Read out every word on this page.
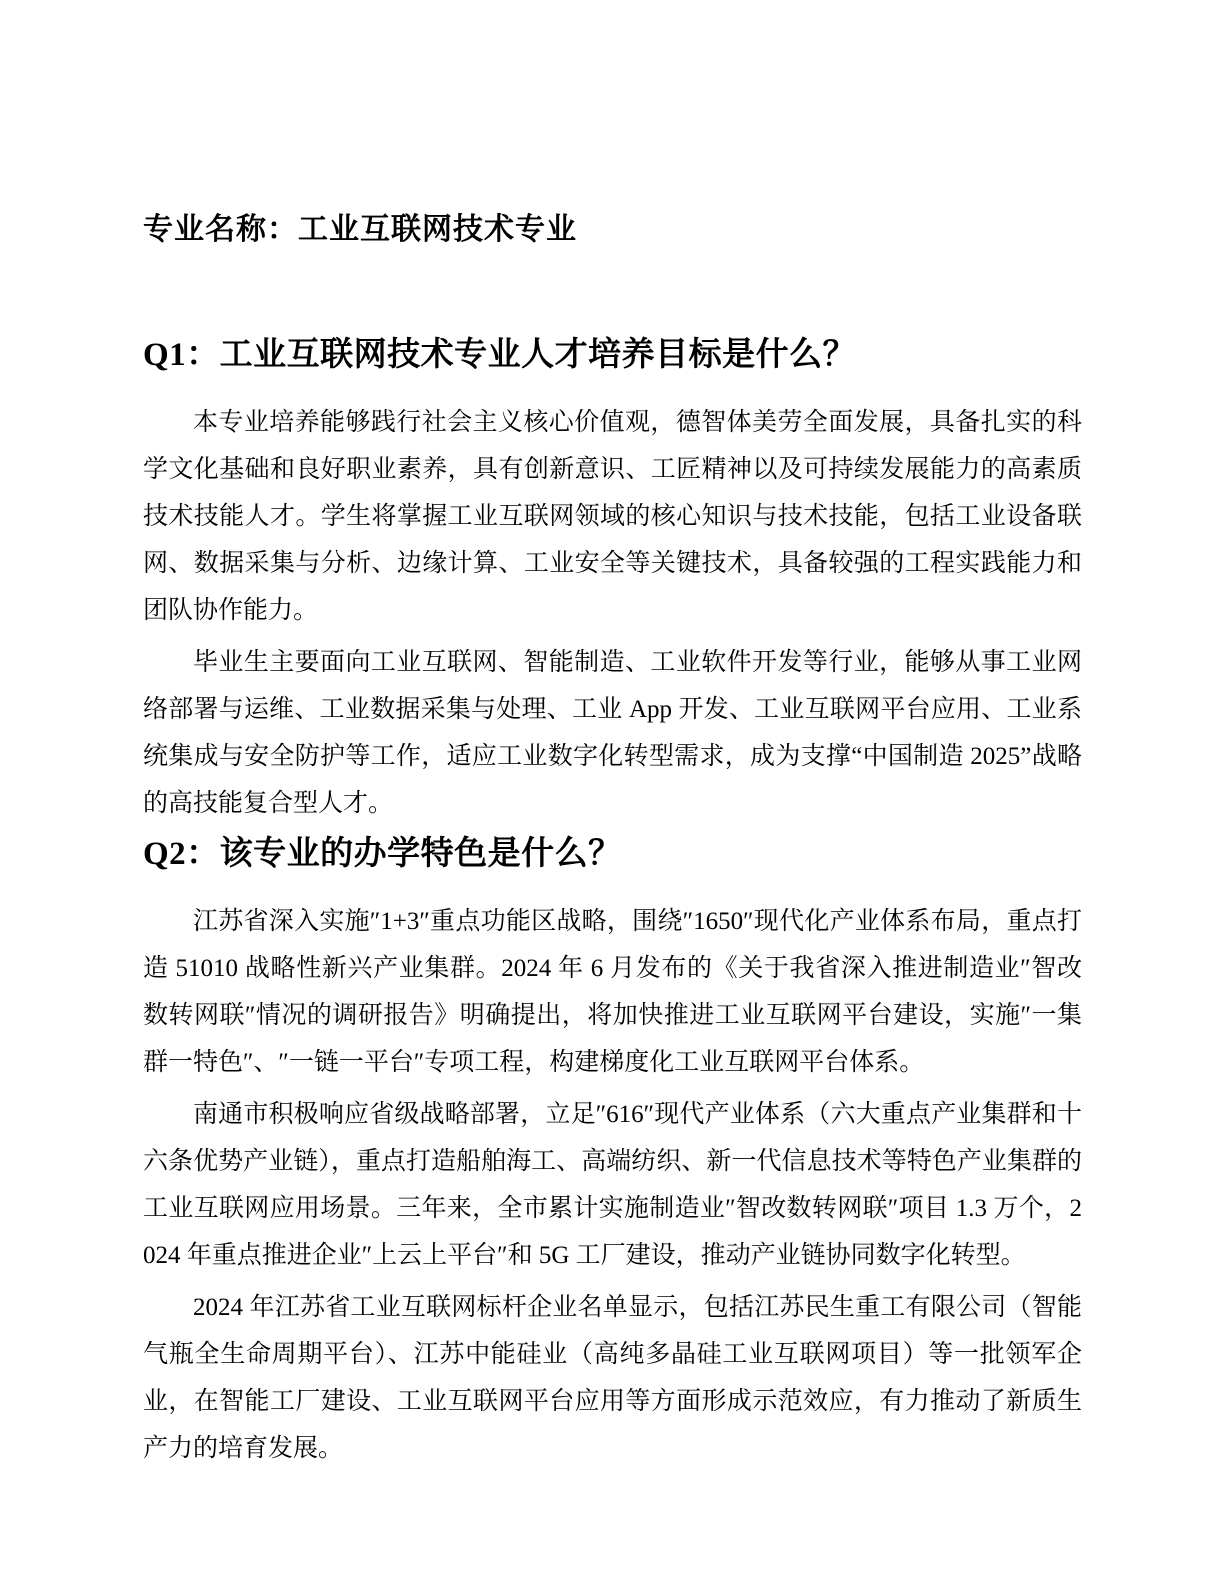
专业名称：工业互联网技术专业
Q1：工业互联网技术专业人才培养目标是什么？

本专业培养能够践行社会主义核心价值观，德智体美劳全面发展，具备扎实的科学文化基础和良好职业素养，具有创新意识、工匠精神以及可持续发展能力的高素质技术技能人才。学生将掌握工业互联网领域的核心知识与技术技能，包括工业设备联网、数据采集与分析、边缘计算、工业安全等关键技术，具备较强的工程实践能力和团队协作能力。

毕业生主要面向工业互联网、智能制造、工业软件开发等行业，能够从事工业网络部署与运维、工业数据采集与处理、工业 App 开发、工业互联网平台应用、工业系统集成与安全防护等工作，适应工业数字化转型需求，成为支撑“中国制造 2025”战略的高技能复合型人才。

Q2：该专业的办学特色是什么？

江苏省深入实施″1+3″重点功能区战略，围绕″1650″现代化产业体系布局，重点打造 51010 战略性新兴产业集群。2024 年 6 月发布的《关于我省深入推进制造业″智改数转网联″情况的调研报告》明确提出，将加快推进工业互联网平台建设，实施″一集群一特色″、″一链一平台″专项工程，构建梯度化工业互联网平台体系。

南通市积极响应省级战略部署，立足″616″现代产业体系（六大重点产业集群和十六条优势产业链），重点打造船舶海工、高端纺织、新一代信息技术等特色产业集群的工业互联网应用场景。三年来，全市累计实施制造业″智改数转网联″项目 1.3 万个，2024 年重点推进企业″上云上平台″和 5G 工厂建设，推动产业链协同数字化转型。

2024 年江苏省工业互联网标杆企业名单显示，包括江苏民生重工有限公司（智能气瓶全生命周期平台）、江苏中能硅业（高纯多晶硅工业互联网项目）等一批领军企业，在智能工厂建设、工业互联网平台应用等方面形成示范效应，有力推动了新质生产力的培育发展。
